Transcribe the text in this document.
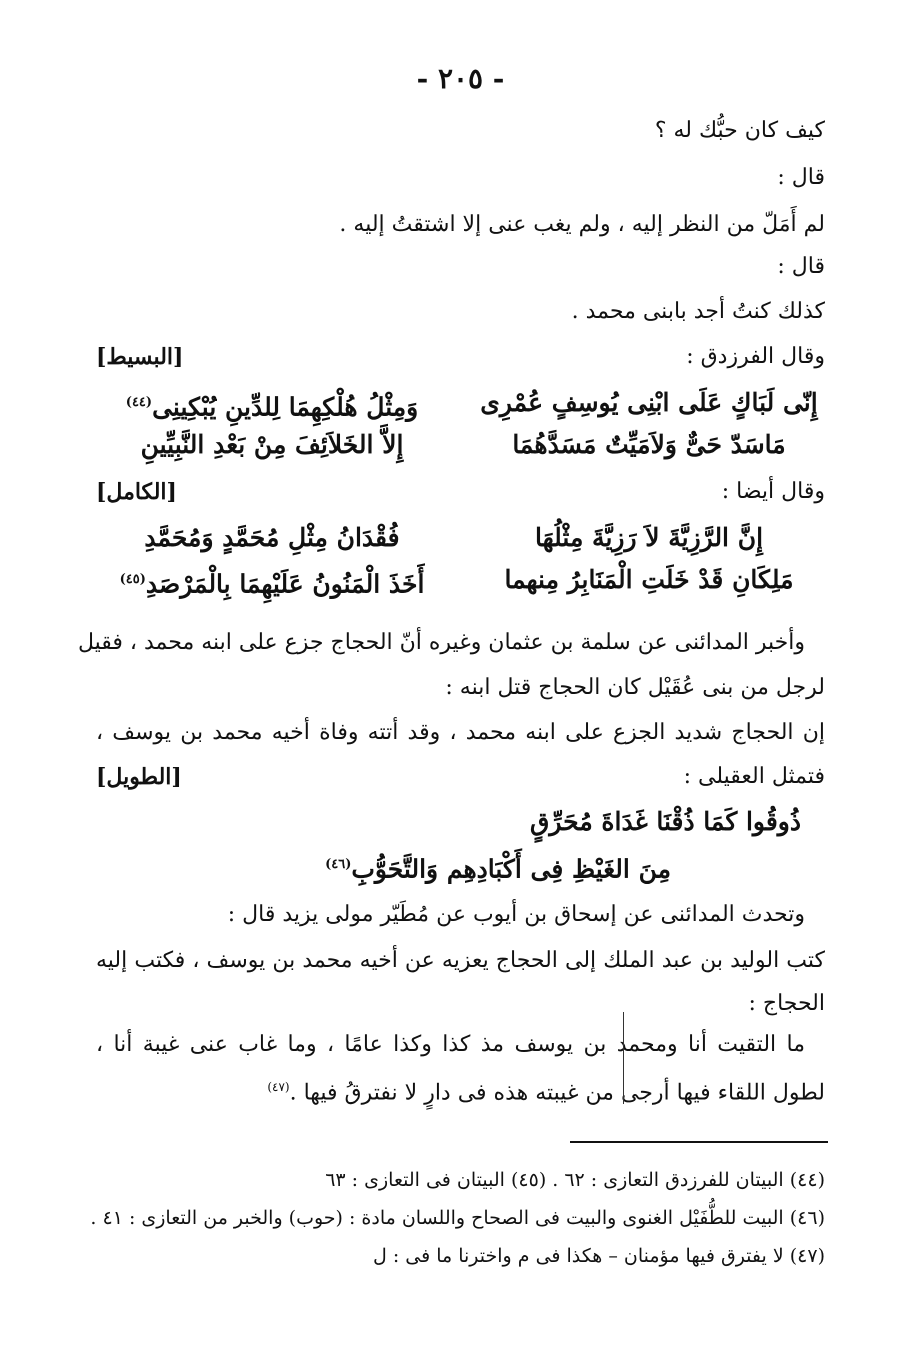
- ٢٠٥ -
كيف كان حبُّك له ؟
قال :
لم أَمَلّ من النظر إليه ، ولم يغب عنى إلا اشتقتُ إليه .
قال :
كذلك كنتُ أجد بابنى محمد .
وقال الفرزدق :
[البسيط]
إِنّى لَبَاكٍ عَلَى ابْنِى يُوسِفٍ عُمْرِى
وَمِثْلُ هُلْكِهِمَا لِلدِّينِ يُبْكِينِى$^{(٤٤)}$
مَاسَدّ حَىٌّ وَلاَمَيِّتٌ مَسَدَّهُمَا
إِلاَّ الخَلاَئِفَ مِنْ بَعْدِ النَّبِيِّينِ
وقال أيضا :
[الكامل]
إِنَّ الرَّزِيَّةَ لاَ رَزِيَّةَ مِثْلُهَا
فُقْدَانُ مِثْلِ مُحَمَّدٍ وَمُحَمَّدِ
مَلِكَانِ قَدْ خَلَتِ الْمَنَابِرُ مِنهما
أَخَذَ الْمَنُونُ عَلَيْهِمَا بِالْمَرْصَدِ$^{(٤٥)}$
وأخبر المدائنى عن سلمة بن عثمان وغيره أنّ الحجاج جزع على ابنه محمد ، فقيل
لرجل من بنى عُقَيْل كان الحجاج قتل ابنه :
إن الحجاج شديد الجزع على ابنه محمد ، وقد أتته وفاة أخيه محمد بن يوسف ،
فتمثل العقيلى :
[الطويل]
ذُوقُوا كَمَا ذُقْنَا غَدَاةَ مُحَرِّقٍ
مِنَ الغَيْظِ فِى أَكْبَادِهِم وَالتَّحَوُّبِ$^{(٤٦)}$
وتحدث المدائنى عن إسحاق بن أيوب عن مُطَيّر مولى يزيد قال :
كتب الوليد بن عبد الملك إلى الحجاج يعزيه عن أخيه محمد بن يوسف ، فكتب إليه
الحجاج :
ما التقيت أنا ومحمد بن يوسف مذ كذا وكذا عامًا ، وما غاب عنى غيبة أنا ،
لطول اللقاء فيها أرجى من غيبته هذه فى دارٍ لا نفترقُ فيها .$^{(٤٧)}$
(٤٤) البيتان للفرزدق التعازى : ٦٢ . (٤٥) البيتان فى التعازى : ٦٣
(٤٦) البيت للطُّفَيْل الغنوى والبيت فى الصحاح واللسان مادة : (حوب) والخبر من التعازى : ٤١ .
(٤٧) لا يفترق فيها مؤمنان – هكذا فى م واخترنا ما فى : ل
